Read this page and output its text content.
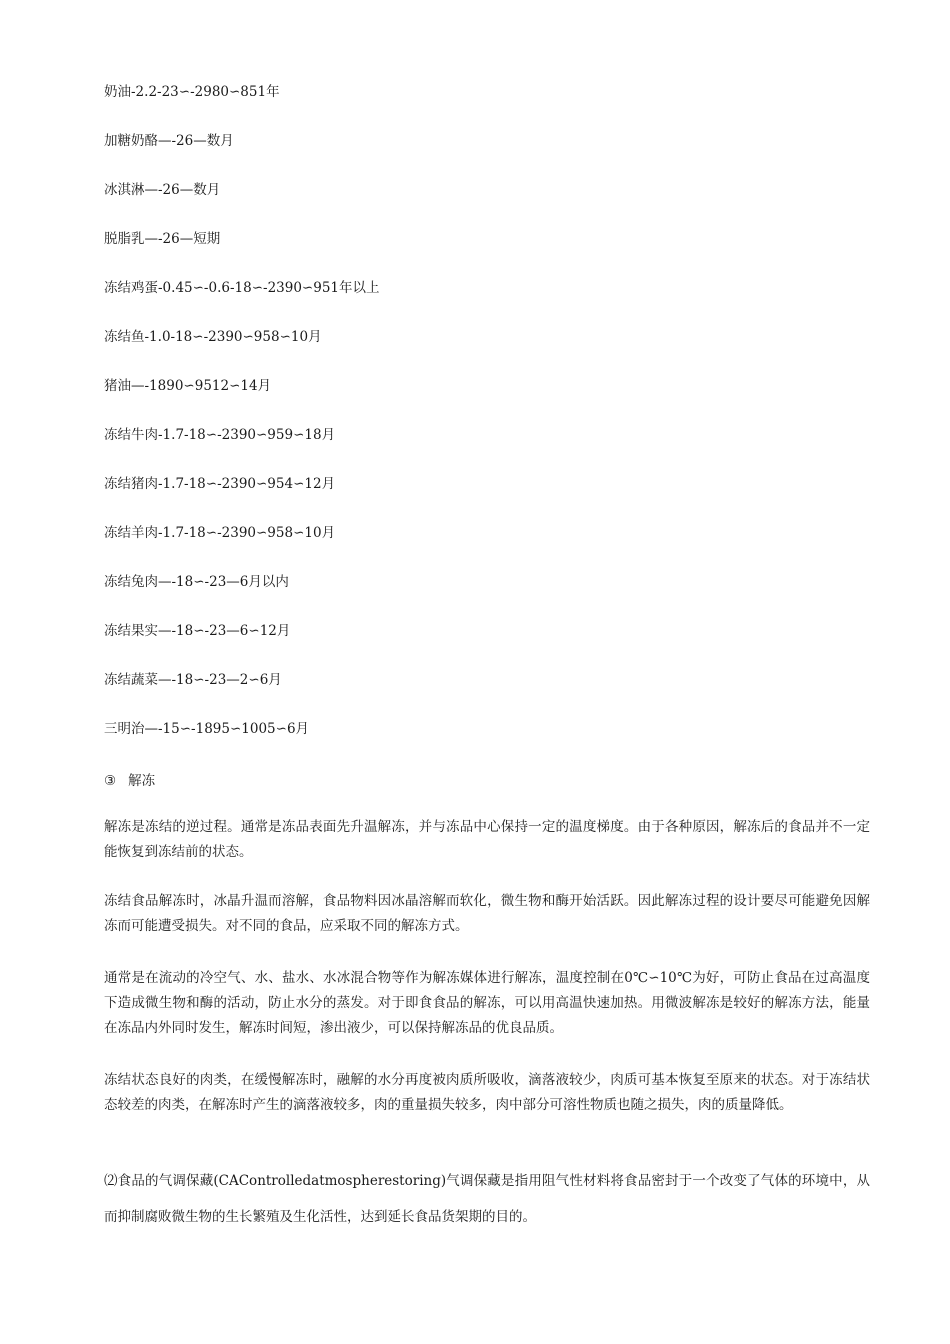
奶油-2.2-23∽-2980∽851年
加糖奶酪—-26—数月
冰淇淋—-26—数月
脱脂乳—-26—短期
冻结鸡蛋-0.45∽-0.6-18∽-2390∽951年以上
冻结鱼-1.0-18∽-2390∽958∽10月
猪油—-1890∽9512∽14月
冻结牛肉-1.7-18∽-2390∽959∽18月
冻结猪肉-1.7-18∽-2390∽954∽12月
冻结羊肉-1.7-18∽-2390∽958∽10月
冻结兔肉—-18∽-23—6月以内
冻结果实—-18∽-23—6∽12月
冻结蔬菜—-18∽-23—2∽6月
三明治—-15∽-1895∽1005∽6月
③ 解冻
解冻是冻结的逆过程。通常是冻品表面先升温解冻，并与冻品中心保持一定的温度梯度。由于各种原因，解冻后的食品并不一定能恢复到冻结前的状态。
冻结食品解冻时，冰晶升温而溶解，食品物料因冰晶溶解而软化，微生物和酶开始活跃。因此解冻过程的设计要尽可能避免因解冻而可能遭受损失。对不同的食品，应采取不同的解冻方式。
通常是在流动的冷空气、水、盐水、水冰混合物等作为解冻媒体进行解冻，温度控制在0℃∽10℃为好，可防止食品在过高温度下造成微生物和酶的活动，防止水分的蒸发。对于即食食品的解冻，可以用高温快速加热。用微波解冻是较好的解冻方法，能量在冻品内外同时发生，解冻时间短，渗出液少，可以保持解冻品的优良品质。
冻结状态良好的肉类，在缓慢解冻时，融解的水分再度被肉质所吸收，滴落液较少，肉质可基本恢复至原来的状态。对于冻结状态较差的肉类，在解冻时产生的滴落液较多，肉的重量损失较多，肉中部分可溶性物质也随之损失，肉的质量降低。
⑵食品的气调保藏(CAControlledatmospherestoring)气调保藏是指用阻气性材料将食品密封于一个改变了气体的环境中，从而抑制腐败微生物的生长繁殖及生化活性，达到延长食品货架期的目的。
